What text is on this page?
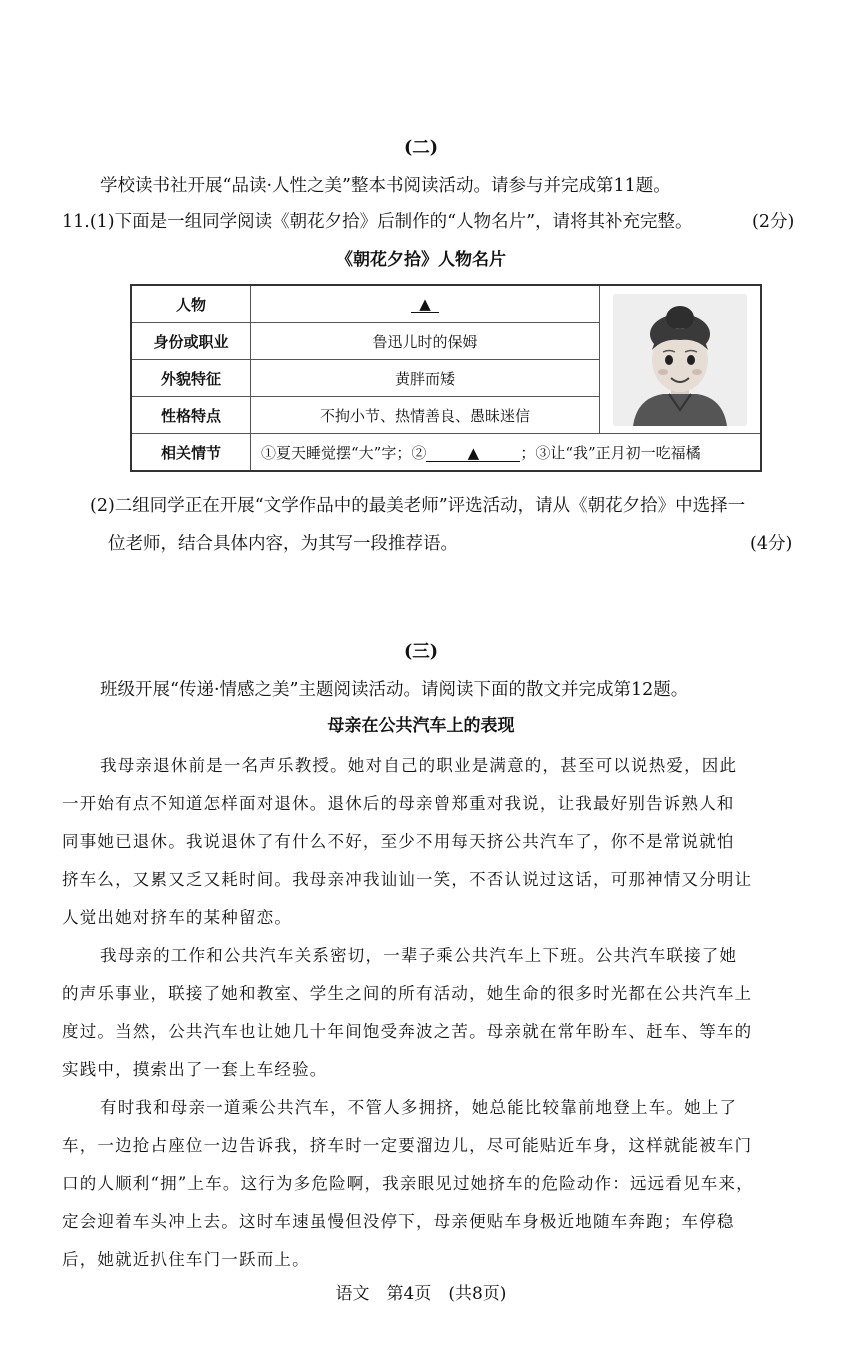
(二)
学校读书社开展“品读·人性之美”整本书阅读活动。请参与并完成第11题。
11.(1)下面是一组同学阅读《朝花夕拾》后制作的“人物名片”，请将其补充完整。	(2分)
《朝花夕拾》人物名片
人物	▲	

身份或职业	鲁迅儿时的保姆	
外貌特征	黄胖而矮	
性格特点	不拘小节、热情善良、愚昧迷信	
相关情节	①夏天睡觉摆“大”字；② ▲ ；③让“我”正月初一吃福橘	
(2)二组同学正在开展“文学作品中的最美老师”评选活动，请从《朝花夕拾》中选择一
位老师，结合具体内容，为其写一段推荐语。	(4分)
(三)
班级开展“传递·情感之美”主题阅读活动。请阅读下面的散文并完成第12题。
母亲在公共汽车上的表现
我母亲退休前是一名声乐教授。她对自己的职业是满意的，甚至可以说热爱，因此
一开始有点不知道怎样面对退休。退休后的母亲曾郑重对我说，让我最好别告诉熟人和
同事她已退休。我说退休了有什么不好，至少不用每天挤公共汽车了，你不是常说就怕
挤车么，又累又乏又耗时间。我母亲冲我讪讪一笑，不否认说过这话，可那神情又分明让
人觉出她对挤车的某种留恋。
我母亲的工作和公共汽车关系密切，一辈子乘公共汽车上下班。公共汽车联接了她
的声乐事业，联接了她和教室、学生之间的所有活动，她生命的很多时光都在公共汽车上
度过。当然，公共汽车也让她几十年间饱受奔波之苦。母亲就在常年盼车、赶车、等车的
实践中，摸索出了一套上车经验。
有时我和母亲一道乘公共汽车，不管人多拥挤，她总能比较靠前地登上车。她上了
车，一边抢占座位一边告诉我，挤车时一定要溜边儿，尽可能贴近车身，这样就能被车门
口的人顺利“拥”上车。这行为多危险啊，我亲眼见过她挤车的危险动作：远远看见车来，
定会迎着车头冲上去。这时车速虽慢但没停下，母亲便贴车身极近地随车奔跑；车停稳
后，她就近扒住车门一跃而上。
语文　第4页　(共8页)
